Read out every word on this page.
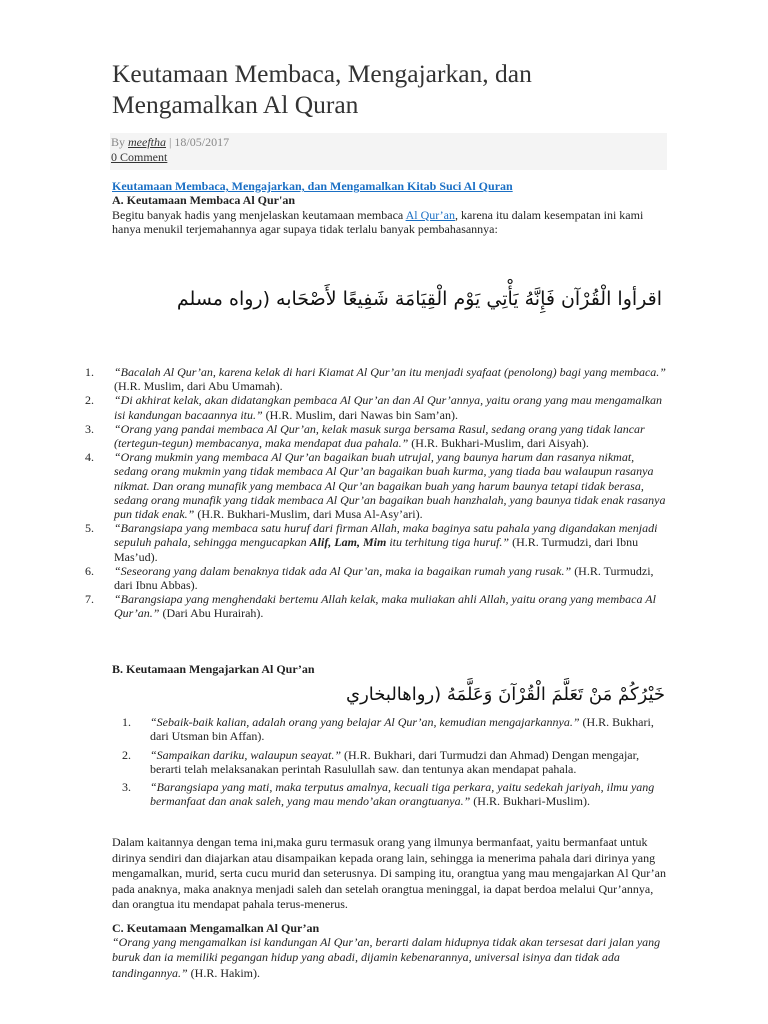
Keutamaan Membaca, Mengajarkan, dan Mengamalkan Al Quran
By meeftha | 18/05/2017
0 Comment

Keutamaan Membaca, Mengajarkan, dan Mengamalkan Kitab Suci Al Quran

A. Keutamaan Membaca Al Qur'an

Begitu banyak hadis yang menjelaskan keutamaan membaca Al Qur’an, karena itu dalam kesempatan ini kami hanya menukil terjemahannya agar supaya tidak terlalu banyak pembahasannya:

اقرأوا الْقُرْآن فَإِنَّهُ يَأْتِي يَوْم الْقِيَامَة شَفِيعًا لأَصْحَابه (رواه مسلم
1. “Bacalah Al Qur’an, karena kelak di hari Kiamat Al Qur’an itu menjadi syafaat (penolong) bagi yang membaca.” (H.R. Muslim, dari Abu Umamah).
2. “Di akhirat kelak, akan didatangkan pembaca Al Qur’an dan Al Qur’annya, yaitu orang yang mau mengamalkan isi kandungan bacaannya itu.” (H.R. Muslim, dari Nawas bin Sam’an).
3. “Orang yang pandai membaca Al Qur’an, kelak masuk surga bersama Rasul, sedang orang yang tidak lancar (tertegun-tegun) membacanya, maka mendapat dua pahala.” (H.R. Bukhari-Muslim, dari Aisyah).
4. “Orang mukmin yang membaca Al Qur’an bagaikan buah utrujal, yang baunya harum dan rasanya nikmat, sedang orang mukmin yang tidak membaca Al Qur’an bagaikan buah kurma, yang tiada bau walaupun rasanya nikmat. Dan orang munafik yang membaca Al Qur’an bagaikan buah yang harum baunya tetapi tidak berasa, sedang orang munafik yang tidak membaca Al Qur’an bagaikan buah hanzhalah, yang baunya tidak enak rasanya pun tidak enak.” (H.R. Bukhari-Muslim, dari Musa Al-Asy’ari).
5. “Barangsiapa yang membaca satu huruf dari firman Allah, maka baginya satu pahala yang digandakan menjadi sepuluh pahala, sehingga mengucapkan Alif, Lam, Mim itu terhitung tiga huruf.” (H.R. Turmudzi, dari Ibnu Mas’ud).
6. “Seseorang yang dalam benaknya tidak ada Al Qur’an, maka ia bagaikan rumah yang rusak.” (H.R. Turmudzi, dari Ibnu Abbas).
7. “Barangsiapa yang menghendaki bertemu Allah kelak, maka muliakan ahli Allah, yaitu orang yang membaca Al Qur’an.” (Dari Abu Hurairah).
B. Keutamaan Mengajarkan Al Qur’an
خَيْرُكُمْ مَنْ تَعَلَّمَ الْقُرْآنَ وَعَلَّمَهُ (رواهالبخاري
1. “Sebaik-baik kalian, adalah orang yang belajar Al Qur’an, kemudian mengajarkannya.” (H.R. Bukhari, dari Utsman bin Affan).
2. “Sampaikan dariku, walaupun seayat.” (H.R. Bukhari, dari Turmudzi dan Ahmad) Dengan mengajar, berarti telah melaksanakan perintah Rasulullah saw. dan tentunya akan mendapat pahala.
3. “Barangsiapa yang mati, maka terputus amalnya, kecuali tiga perkara, yaitu sedekah jariyah, ilmu yang bermanfaat dan anak saleh, yang mau mendo’akan orangtuanya.” (H.R. Bukhari-Muslim).

Dalam kaitannya dengan tema ini,maka guru termasuk orang yang ilmunya bermanfaat, yaitu bermanfaat untuk dirinya sendiri dan diajarkan atau disampaikan kepada orang lain, sehingga ia menerima pahala dari dirinya yang mengamalkan, murid, serta cucu murid dan seterusnya. Di samping itu, orangtua yang mau mengajarkan Al Qur’an pada anaknya, maka anaknya menjadi saleh dan setelah orangtua meninggal, ia dapat berdoa melalui Qur’annya, dan orangtua itu mendapat pahala terus-menerus.

C. Keutamaan Mengamalkan Al Qur’an

“Orang yang mengamalkan isi kandungan Al Qur’an, berarti dalam hidupnya tidak akan tersesat dari jalan yang buruk dan ia memiliki pegangan hidup yang abadi, dijamin kebenarannya, universal isinya dan tidak ada tandingannya.” (H.R. Hakim).
